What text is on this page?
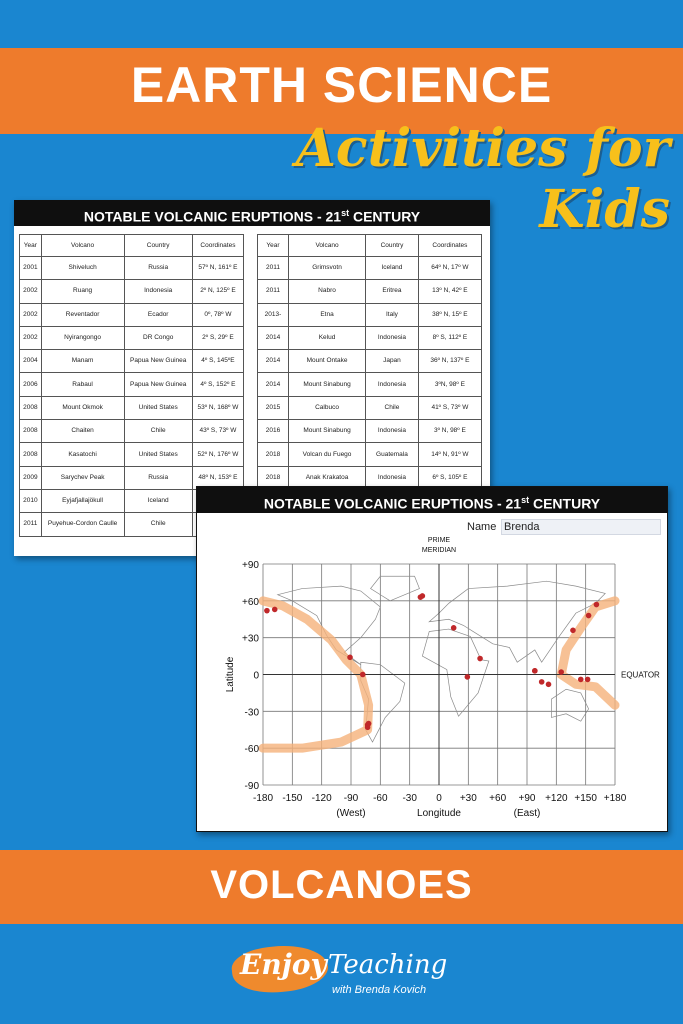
EARTH SCIENCE
Activities for Kids
NOTABLE VOLCANIC ERUPTIONS - 21st CENTURY
Year	Volcano	Country	Coordinates
2001	Shiveluch	Russia	57º N, 161º E
2002	Ruang	Indonesia	2º N, 125º E
2002	Reventador	Ecador	0º, 78º W
2002	Nyirangongo	DR Congo	2º S, 29º E
2004	Manam	Papua New Guinea	4º S, 145ºE
2006	Rabaul	Papua New Guinea	4º S, 152º E
2008	Mount Okmok	United States	53º N, 168º W
2008	Chaiten	Chile	43º S, 73º W
2008	Kasatochi	United States	52º N, 176º W
2009	Sarychev Peak	Russia	48º N, 153º E
2010	Eyjafjallajökull	Iceland	
2011	Puyehue-Cordon Caulle	Chile	
Year	Volcano	Country	Coordinates
2011	Grimsvotn	Iceland	64º N, 17º W
2011	Nabro	Eritrea	13º N, 42º E
2013-	Etna	Italy	38º N, 15º E
2014	Kelud	Indonesia	8º S, 112º E
2014	Mount Ontake	Japan	36º N, 137º E
2014	Mount Sinabung	Indonesia	3ºN, 98º E
2015	Calbuco	Chile	41º S, 73º W
2016	Mount Sinabung	Indonesia	3º N, 98º E
2018	Volcan du Fuego	Guatemala	14º N, 91º W
2018	Anak Krakatoa	Indonesia	6º S, 105º E
NOTABLE VOLCANIC ERUPTIONS - 21st CENTURY
Name Brenda
+90
+60
+30
0
-30
-60
-90
-180 -150 -120 -90 -60 -30 0 +30 +60 +90 +120 +150 +180
PRIME
MERIDIAN
EQUATOR
Latitude
Longitude
(West)	(East)
VOLCANOES
Enjoy Teaching
with Brenda Kovich
